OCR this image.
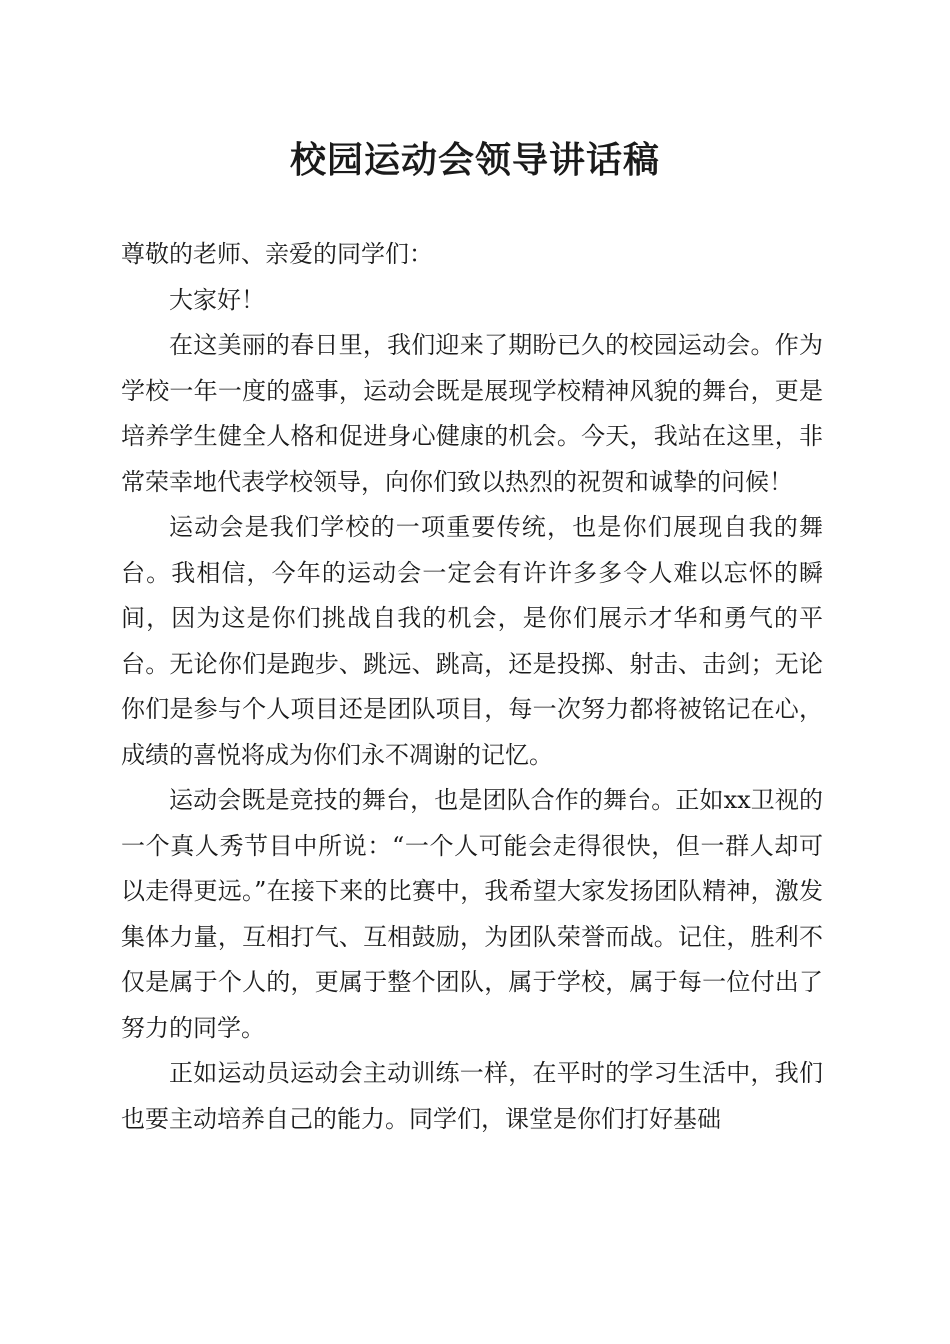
校园运动会领导讲话稿

尊敬的老师、亲爱的同学们：

大家好！

在这美丽的春日里，我们迎来了期盼已久的校园运动会。作为学校一年一度的盛事，运动会既是展现学校精神风貌的舞台，更是培养学生健全人格和促进身心健康的机会。今天，我站在这里，非常荣幸地代表学校领导，向你们致以热烈的祝贺和诚挚的问候！

运动会是我们学校的一项重要传统，也是你们展现自我的舞台。我相信，今年的运动会一定会有许许多多令人难以忘怀的瞬间，因为这是你们挑战自我的机会，是你们展示才华和勇气的平台。无论你们是跑步、跳远、跳高，还是投掷、射击、击剑；无论你们是参与个人项目还是团队项目，每一次努力都将被铭记在心，成绩的喜悦将成为你们永不凋谢的记忆。

运动会既是竞技的舞台，也是团队合作的舞台。正如xx卫视的一个真人秀节目中所说：“一个人可能会走得很快，但一群人却可以走得更远。”在接下来的比赛中，我希望大家发扬团队精神，激发集体力量，互相打气、互相鼓励，为团队荣誉而战。记住，胜利不仅是属于个人的，更属于整个团队，属于学校，属于每一位付出了努力的同学。

正如运动员运动会主动训练一样，在平时的学习生活中，我们也要主动培养自己的能力。同学们，课堂是你们打好基础
